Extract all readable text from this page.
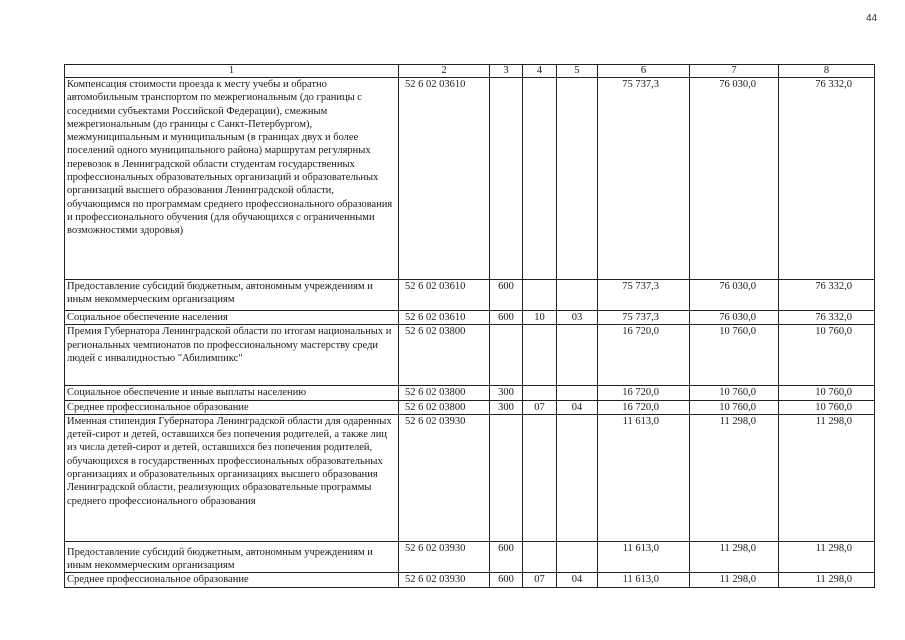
44
1	2	3	4	5	6	7	8
Компенсация стоимости проезда к месту учебы и обратно автомобильным транспортом по межрегиональным (до границы с соседними субъектами Российской Федерации), смежным межрегиональным (до границы с Санкт-Петербургом), межмуниципальным и муниципальным (в границах двух и более поселений одного муниципального района) маршрутам регулярных перевозок в Ленинградской области студентам государственных профессиональных образовательных организаций и образовательных организаций высшего образования Ленинградской области, обучающимся по программам среднего профессионального образования и профессионального обучения (для обучающихся с ограниченными возможностями здоровья)	52 6 02 03610				75 737,3	76 030,0	76 332,0
Предоставление субсидий бюджетным, автономным учреждениям и иным некоммерческим организациям	52 6 02 03610	600			75 737,3	76 030,0	76 332,0
Социальное обеспечение населения	52 6 02 03610	600	10	03	75 737,3	76 030,0	76 332,0
Премия Губернатора Ленинградской области по итогам национальных и региональных чемпионатов по профессиональному мастерству среди людей с инвалидностью "Абилимпикс"	52 6 02 03800				16 720,0	10 760,0	10 760,0
Социальное обеспечение и иные выплаты населению	52 6 02 03800	300			16 720,0	10 760,0	10 760,0
Среднее профессиональное образование	52 6 02 03800	300	07	04	16 720,0	10 760,0	10 760,0
Именная стипендия Губернатора Ленинградской области для одаренных детей-сирот и детей, оставшихся без попечения родителей, а также лиц из числа детей-сирот и детей, оставшихся без попечения родителей, обучающихся в государственных профессиональных образовательных организациях и образовательных организациях высшего образования Ленинградской области, реализующих образовательные программы среднего профессионального образования	52 6 02 03930				11 613,0	11 298,0	11 298,0
Предоставление субсидий бюджетным, автономным учреждениям и иным некоммерческим организациям	52 6 02 03930	600			11 613,0	11 298,0	11 298,0
Среднее профессиональное образование	52 6 02 03930	600	07	04	11 613,0	11 298,0	11 298,0
